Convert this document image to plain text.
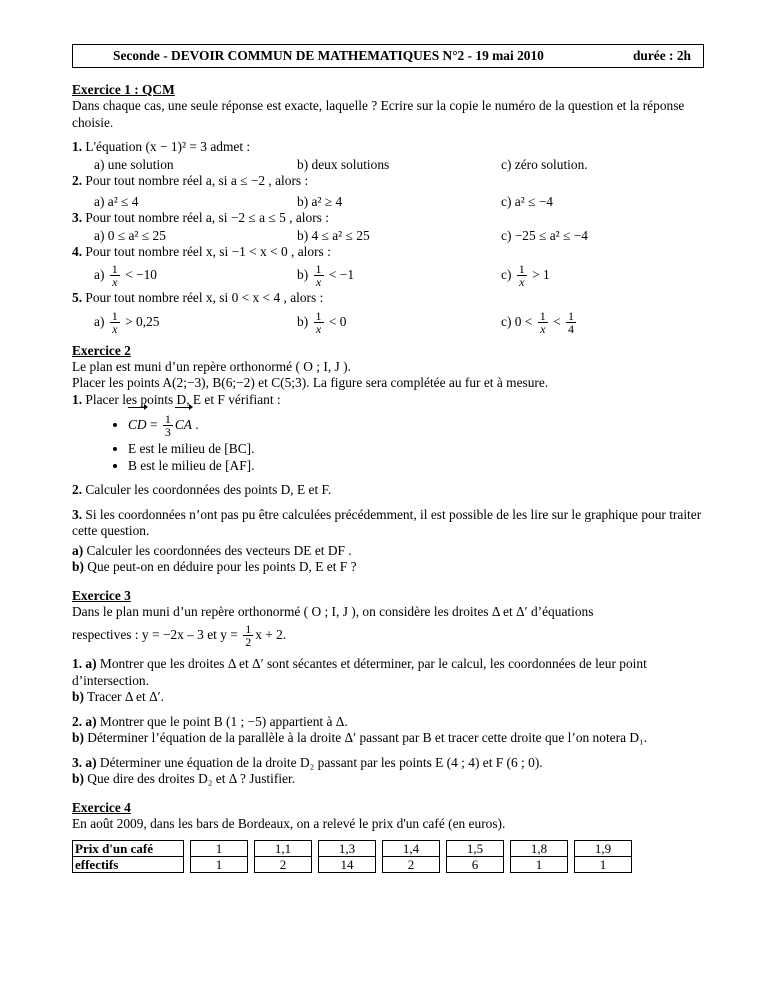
Seconde - DEVOIR COMMUN DE MATHEMATIQUES N°2 - 19 mai 2010	durée : 2h
Exercice 1 : QCM

Dans chaque cas, une seule réponse est exacte, laquelle ? Ecrire sur la copie le numéro de la question et la réponse choisie.

1. L'équation (x − 1)² = 3 admet :

a) une solution	b) deux solutions	c) zéro solution.

2. Pour tout nombre réel a, si a ≤ −2 , alors :

a) a² ≤ 4	b) a² ≥ 4	c) a² ≤ −4

3. Pour tout nombre réel a, si −2 ≤ a ≤ 5 , alors :

a) 0 ≤ a² ≤ 25	b) 4 ≤ a² ≤ 25	c) −25 ≤ a² ≤ −4

4. Pour tout nombre réel x, si −1 < x < 0 , alors :

$a) \frac{1}{x} < -10$	$b) \frac{1}{x} < -1$	$c) \frac{1}{x} > 1$

5. Pour tout nombre réel x, si 0 < x < 4 , alors :

$a) \frac{1}{x} > 0,25$	$b) \frac{1}{x} < 0$	c) $0 < \frac{1}{x} < \frac{1}{4}$
Exercice 2

Le plan est muni d’un repère orthonormé ( O ; I, J ).

Placer les points A(2;−3), B(6;−2) et C(5;3). La figure sera complétée au fur et à mesure.

1. Placer les points D, E et F vérifiant :

• CD = $\frac{1}{3}$ CA .
• E est le milieu de [BC].
• B est le milieu de [AF].

2. Calculer les coordonnées des points D, E et F.

3. Si les coordonnées n’ont pas pu être calculées précédemment, il est possible de les lire sur le graphique pour traiter cette question.

a) Calculer les coordonnées des vecteurs DE et DF .

b) Que peut-on en déduire pour les points D, E et F ?

Exercice 3

Dans le plan muni d’un repère orthonormé ( O ; I, J ), on considère les droites Δ et Δ′ d’équations

respectives : y = −2x – 3 et $y = \frac{1}{2}$ x + 2.

1. a) Montrer que les droites Δ et Δ′ sont sécantes et déterminer, par le calcul, les coordonnées de leur point d’intersection.

b) Tracer Δ et Δ′.

2. a) Montrer que le point B (1 ; −5) appartient à Δ.

b) Déterminer l’équation de la parallèle à la droite Δ′ passant par B et tracer cette droite que l’on notera D₁.

3. a) Déterminer une équation de la droite D₂ passant par les points E (4 ; 4) et F (6 ; 0).

b) Que dire des droites D₂ et Δ ? Justifier.

Exercice 4

En août 2009, dans les bars de Bordeaux, on a relevé le prix d'un café (en euros).

Prix d'un café		1		1,1		1,3		1,4		1,5		1,8		1,9
effectifs		1		2		14		2		6		1		1
